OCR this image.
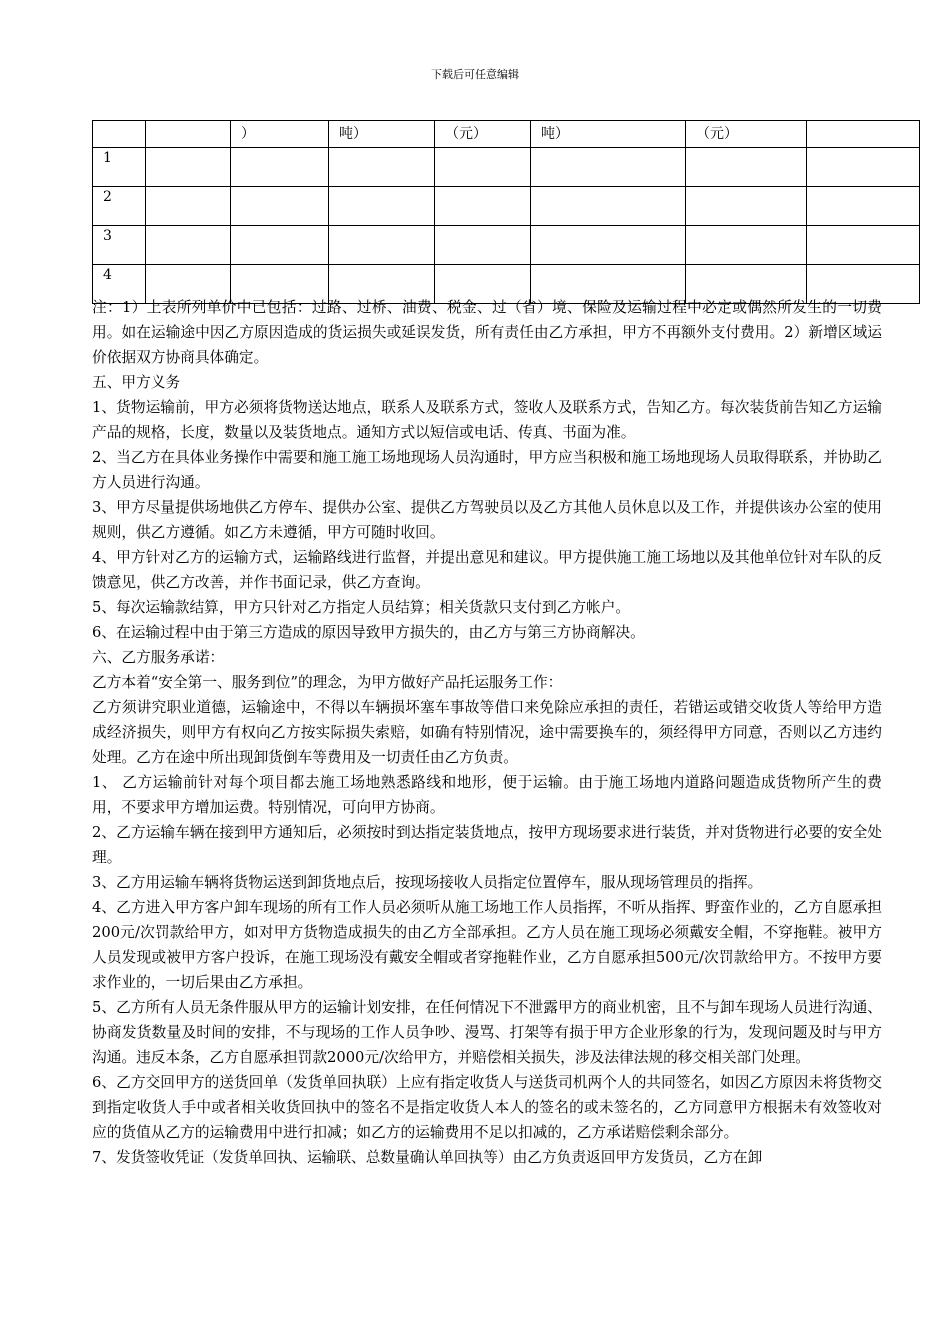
下载后可任意编辑
		）	吨）	（元）	吨）	（元）	
1							
2							
3							
4							

注：1）上表所列单价中已包括：过路、过桥、油费、税金、过（省）境、保险及运输过程中必定或偶然所发生的一切费用。如在运输途中因乙方原因造成的货运损失或延误发货，所有责任由乙方承担，甲方不再额外支付费用。2）新增区域运价依据双方协商具体确定。

五、甲方义务

1、货物运输前，甲方必须将货物送达地点，联系人及联系方式，签收人及联系方式，告知乙方。每次装货前告知乙方运输产品的规格，长度，数量以及装货地点。通知方式以短信或电话、传真、书面为准。

2、当乙方在具体业务操作中需要和施工施工场地现场人员沟通时，甲方应当积极和施工场地现场人员取得联系，并协助乙方人员进行沟通。

3、甲方尽量提供场地供乙方停车、提供办公室、提供乙方驾驶员以及乙方其他人员休息以及工作，并提供该办公室的使用规则，供乙方遵循。如乙方未遵循，甲方可随时收回。

4、甲方针对乙方的运输方式，运输路线进行监督，并提出意见和建议。甲方提供施工施工场地以及其他单位针对车队的反馈意见，供乙方改善，并作书面记录，供乙方查询。

5、每次运输款结算，甲方只针对乙方指定人员结算；相关货款只支付到乙方帐户。

6、在运输过程中由于第三方造成的原因导致甲方损失的，由乙方与第三方协商解决。

六、乙方服务承诺：

乙方本着“安全第一、服务到位”的理念，为甲方做好产品托运服务工作：

乙方须讲究职业道德，运输途中，不得以车辆损坏塞车事故等借口来免除应承担的责任，若错运或错交收货人等给甲方造成经济损失，则甲方有权向乙方按实际损失索赔，如确有特别情况，途中需要换车的，须经得甲方同意，否则以乙方违约处理。乙方在途中所出现卸货倒车等费用及一切责任由乙方负责。

1、 乙方运输前针对每个项目都去施工场地熟悉路线和地形，便于运输。由于施工场地内道路问题造成货物所产生的费用，不要求甲方增加运费。特别情况，可向甲方协商。

2、乙方运输车辆在接到甲方通知后，必须按时到达指定装货地点，按甲方现场要求进行装货，并对货物进行必要的安全处理。

3、乙方用运输车辆将货物运送到卸货地点后，按现场接收人员指定位置停车，服从现场管理员的指挥。

4、乙方进入甲方客户卸车现场的所有工作人员必须听从施工场地工作人员指挥，不听从指挥、野蛮作业的，乙方自愿承担200元/次罚款给甲方，如对甲方货物造成损失的由乙方全部承担。乙方人员在施工现场必须戴安全帽，不穿拖鞋。被甲方人员发现或被甲方客户投诉，在施工现场没有戴安全帽或者穿拖鞋作业，乙方自愿承担500元/次罚款给甲方。不按甲方要求作业的，一切后果由乙方承担。

5、乙方所有人员无条件服从甲方的运输计划安排，在任何情况下不泄露甲方的商业机密，且不与卸车现场人员进行沟通、协商发货数量及时间的安排，不与现场的工作人员争吵、漫骂、打架等有损于甲方企业形象的行为，发现问题及时与甲方沟通。违反本条，乙方自愿承担罚款2000元/次给甲方，并赔偿相关损失，涉及法律法规的移交相关部门处理。

6、乙方交回甲方的送货回单（发货单回执联）上应有指定收货人与送货司机两个人的共同签名，如因乙方原因未将货物交到指定收货人手中或者相关收货回执中的签名不是指定收货人本人的签名的或未签名的，乙方同意甲方根据未有效签收对应的货值从乙方的运输费用中进行扣减；如乙方的运输费用不足以扣减的，乙方承诺赔偿剩余部分。

7、发货签收凭证（发货单回执、运输联、总数量确认单回执等）由乙方负责返回甲方发货员，乙方在卸
